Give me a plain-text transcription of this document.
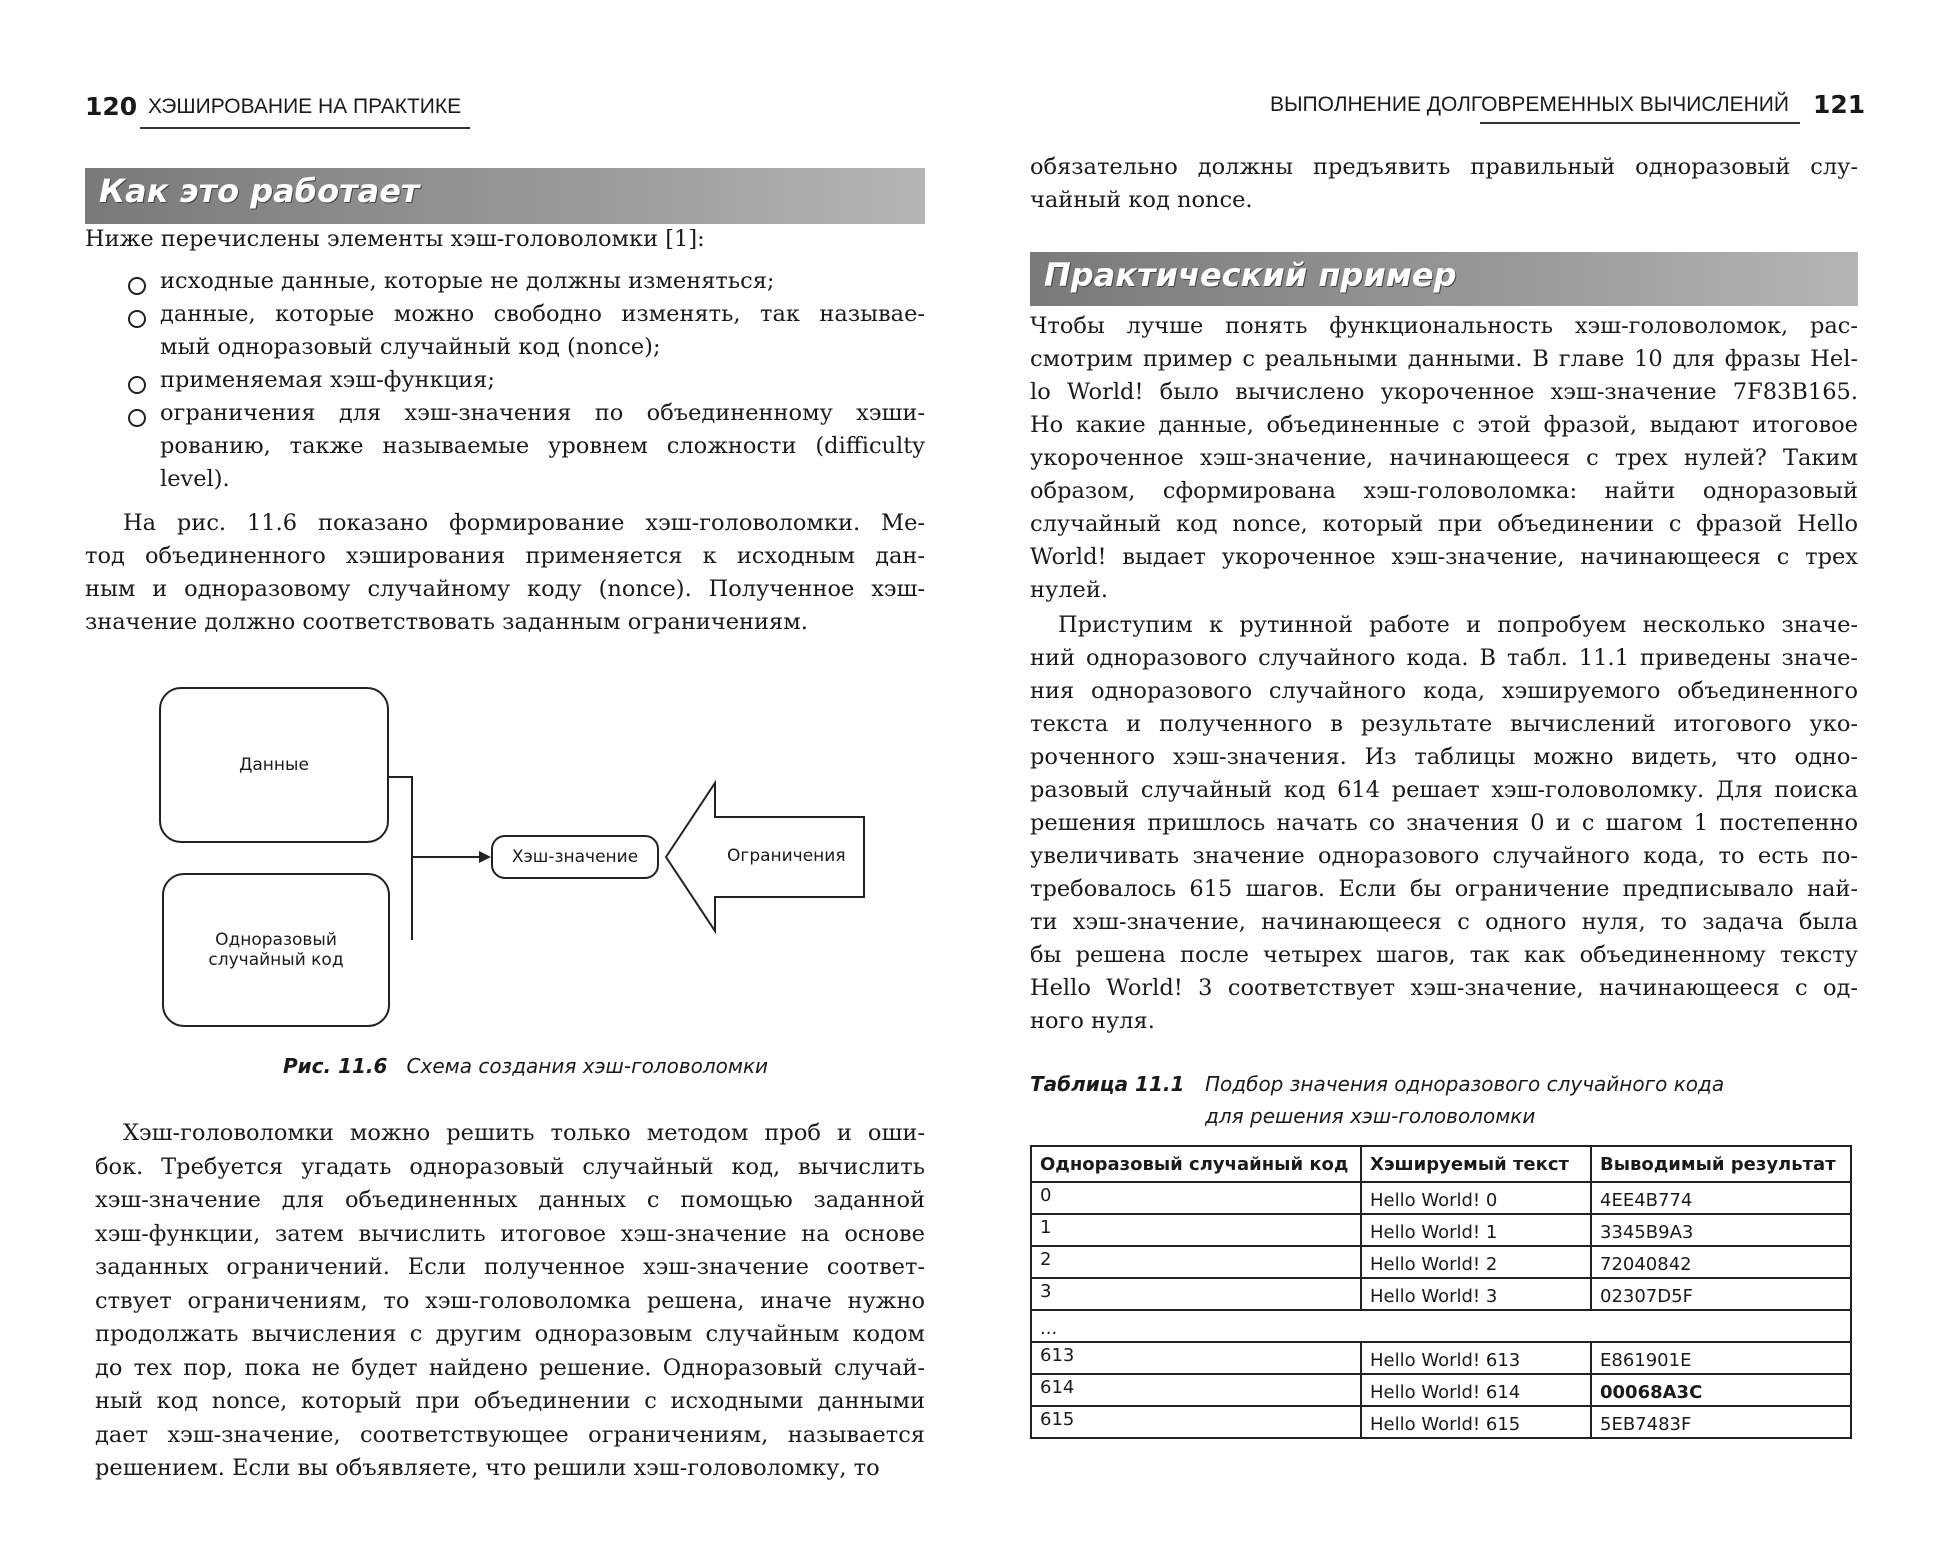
120 ХЭШИРОВАНИЕ НА ПРАКТИКЕ
Как это работает
Ниже перечислены элементы хэш-головоломки [1]:
исходные данные, которые не должны изменяться;
данные, которые можно свободно изменять, так называе-
мый одноразовый случайный код (nonce);
применяемая хэш-функция;
ограничения для хэш-значения по объединенному хэши-
рованию, также называемые уровнем сложности (difficulty
level).
На рис. 11.6 показано формирование хэш-головоломки. Ме-
тод объединенного хэширования применяется к исходным дан-
ным и одноразовому случайному коду (nonce). Полученное хэш-
значение должно соответствовать заданным ограничениям.
Данные
Одноразовый случайный код
Хэш-значение	Ограничения
Рис. 11.6 Схема создания хэш-головоломки
Хэш-головоломки можно решить только методом проб и оши-
бок. Требуется угадать одноразовый случайный код, вычислить
хэш-значение для объединенных данных с помощью заданной
хэш-функции, затем вычислить итоговое хэш-значение на основе
заданных ограничений. Если полученное хэш-значение соответ-
ствует ограничениям, то хэш-головоломка решена, иначе нужно
продолжать вычисления с другим одноразовым случайным кодом
до тех пор, пока не будет найдено решение. Одноразовый случай-
ный код nonce, который при объединении с исходными данными
дает хэш-значение, соответствующее ограничениям, называется
решением. Если вы объявляете, что решили хэш-головоломку, то
ВЫПОЛНЕНИЕ ДОЛГОВРЕМЕННЫХ ВЫЧИСЛЕНИЙ 121
обязательно должны предъявить правильный одноразовый слу-
чайный код nonce.
Практический пример
Чтобы лучше понять функциональность хэш-головоломок, рас-
смотрим пример с реальными данными. В главе 10 для фразы Hel-
lo World! было вычислено укороченное хэш-значение 7F83B165.
Но какие данные, объединенные с этой фразой, выдают итоговое
укороченное хэш-значение, начинающееся с трех нулей? Таким
образом, сформирована хэш-головоломка: найти одноразовый
случайный код nonce, который при объединении с фразой Hello
World! выдает укороченное хэш-значение, начинающееся с трех
нулей.
Приступим к рутинной работе и попробуем несколько значе-
ний одноразового случайного кода. В табл. 11.1 приведены значе-
ния одноразового случайного кода, хэшируемого объединенного
текста и полученного в результате вычислений итогового уко-
роченного хэш-значения. Из таблицы можно видеть, что одно-
разовый случайный код 614 решает хэш-головоломку. Для поиска
решения пришлось начать со значения 0 и с шагом 1 постепенно
увеличивать значение одноразового случайного кода, то есть по-
требовалось 615 шагов. Если бы ограничение предписывало най-
ти хэш-значение, начинающееся с одного нуля, то задача была
бы решена после четырех шагов, так как объединенному тексту
Hello World! 3 соответствует хэш-значение, начинающееся с од-
ного нуля.
Таблица 11.1 Подбор значения одноразового случайного кода
для решения хэш-головоломки
Одноразовый случайный код	Хэшируемый текст	Выводимый результат
0	Hello World! 0	4EE4B774
1	Hello World! 1	3345B9A3
2	Hello World! 2	72040842
3	Hello World! 3	02307D5F
...		
613	Hello World! 613	E861901E
614	Hello World! 614	00068A3C
615	Hello World! 615	5EB7483F
